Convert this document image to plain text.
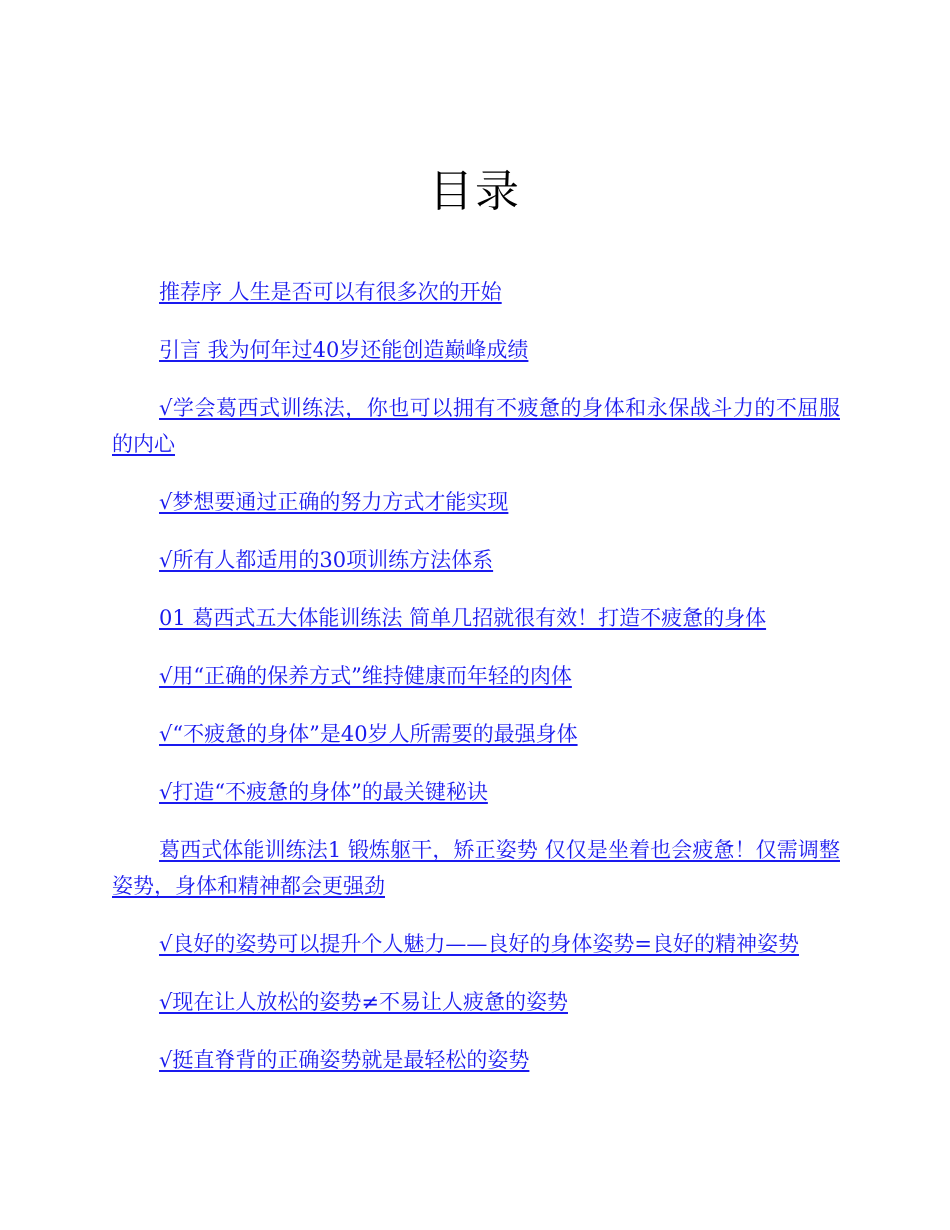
目录

推荐序 人生是否可以有很多次的开始

引言 我为何年过40岁还能创造巅峰成绩

√学会葛西式训练法，你也可以拥有不疲惫的身体和永保战斗力的不屈服的内心

√梦想要通过正确的努力方式才能实现

√所有人都适用的30项训练方法体系

01 葛西式五大体能训练法 简单几招就很有效！打造不疲惫的身体

√用“正确的保养方式”维持健康而年轻的肉体

√“不疲惫的身体”是40岁人所需要的最强身体

√打造“不疲惫的身体”的最关键秘诀

葛西式体能训练法1 锻炼躯干，矫正姿势 仅仅是坐着也会疲惫！仅需调整姿势，身体和精神都会更强劲

√良好的姿势可以提升个人魅力——良好的身体姿势=良好的精神姿势

√现在让人放松的姿势≠不易让人疲惫的姿势

√挺直脊背的正确姿势就是最轻松的姿势
